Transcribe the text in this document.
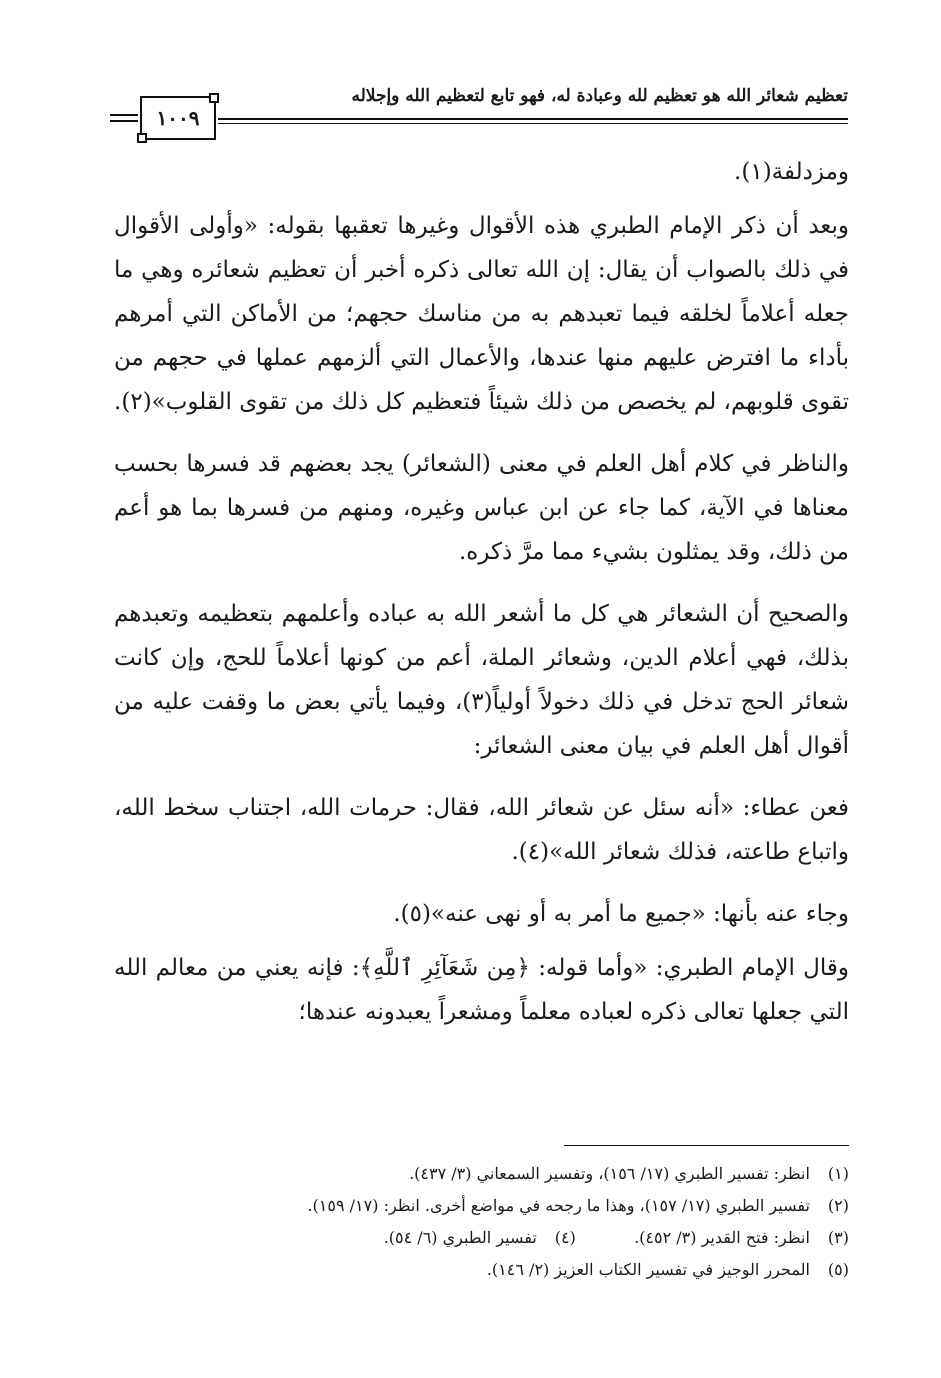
تعظيم شعائر الله هو تعظيم لله وعبادة له، فهو تابع لتعظيم الله وإجلاله
١٠٠٩

ومزدلفة(١).

وبعد أن ذكر الإمام الطبري هذه الأقوال وغيرها تعقبها بقوله: «وأولى الأقوال في ذلك بالصواب أن يقال: إن الله تعالى ذكره أخبر أن تعظيم شعائره وهي ما جعله أعلاماً لخلقه فيما تعبدهم به من مناسك حجهم؛ من الأماكن التي أمرهم بأداء ما افترض عليهم منها عندها، والأعمال التي ألزمهم عملها في حجهم من تقوى قلوبهم، لم يخصص من ذلك شيئاً فتعظيم كل ذلك من تقوى القلوب»(٢).

والناظر في كلام أهل العلم في معنى (الشعائر) يجد بعضهم قد فسرها بحسب معناها في الآية، كما جاء عن ابن عباس وغيره، ومنهم من فسرها بما هو أعم من ذلك، وقد يمثلون بشيء مما مرَّ ذكره.

والصحيح أن الشعائر هي كل ما أشعر الله به عباده وأعلمهم بتعظيمه وتعبدهم بذلك، فهي أعلام الدين، وشعائر الملة، أعم من كونها أعلاماً للحج، وإن كانت شعائر الحج تدخل في ذلك دخولاً أولياً(٣)، وفيما يأتي بعض ما وقفت عليه من أقوال أهل العلم في بيان معنى الشعائر:

فعن عطاء: «أنه سئل عن شعائر الله، فقال: حرمات الله، اجتناب سخط الله، واتباع طاعته، فذلك شعائر الله»(٤).

وجاء عنه بأنها: «جميع ما أمر به أو نهى عنه»(٥).

وقال الإمام الطبري: «وأما قوله: ﴿مِن شَعَآئِرِ ٱللَّهِ﴾: فإنه يعني من معالم الله التي جعلها تعالى ذكره لعباده معلماً ومشعراً يعبدونه عندها؛

(١) انظر: تفسير الطبري (١٧/ ١٥٦)، وتفسير السمعاني (٣/ ٤٣٧).
(٢) تفسير الطبري (١٧/ ١٥٧)، وهذا ما رجحه في مواضع أخرى. انظر: (١٧/ ١٥٩).
(٣) انظر: فتح القدير (٣/ ٤٥٢).  (٤) تفسير الطبري (٦/ ٥٤).
(٥) المحرر الوجيز في تفسير الكتاب العزيز (٢/ ١٤٦).
